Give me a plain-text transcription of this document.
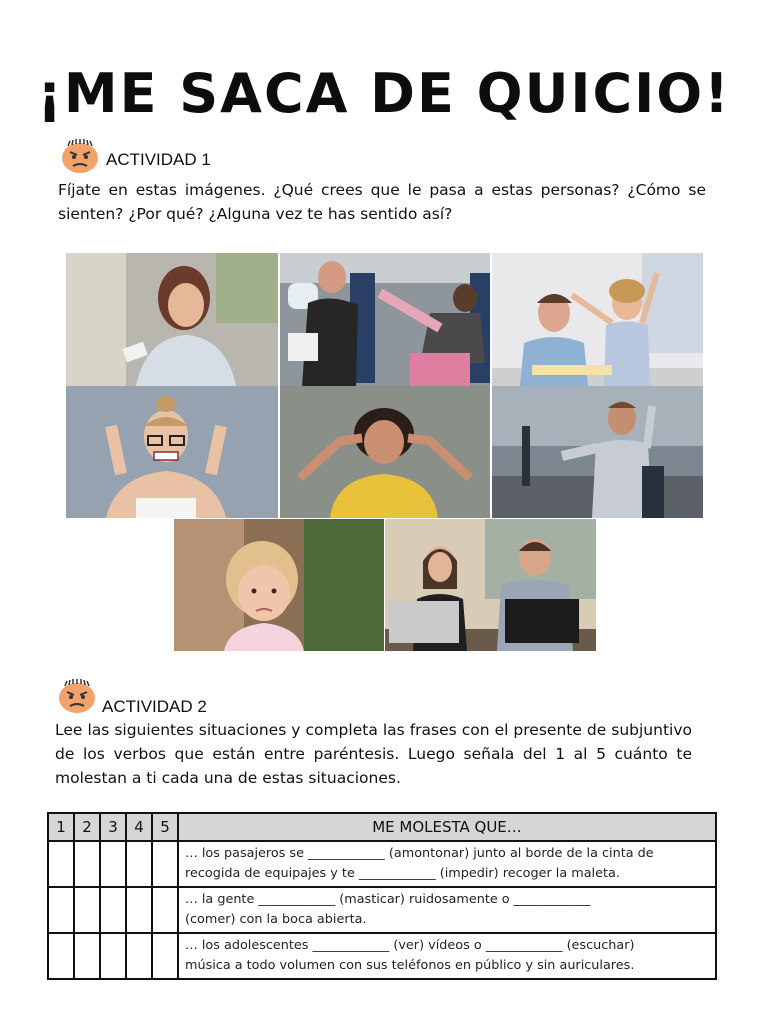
¡ME SACA DE QUICIO!
ACTIVIDAD 1
Fíjate en estas imágenes. ¿Qué crees que le pasa a estas personas? ¿Cómo se sienten? ¿Por qué? ¿Alguna vez te has sentido así?
ACTIVIDAD 2
Lee las siguientes situaciones y completa las frases con el presente de subjuntivo de los verbos que están entre paréntesis. Luego señala del 1 al 5 cuánto te molestan a ti cada una de estas situaciones.
1	2	3	4	5	ME MOLESTA QUE…
					… los pasajeros se ____________ (amontonar) junto al borde de la cinta de
recogida de equipajes y te ____________ (impedir) recoger la maleta.
					… la gente ____________ (masticar) ruidosamente o ____________
(comer) con la boca abierta.
					… los adolescentes ____________ (ver) vídeos o ____________ (escuchar)
música a todo volumen con sus teléfonos en público y sin auriculares.
